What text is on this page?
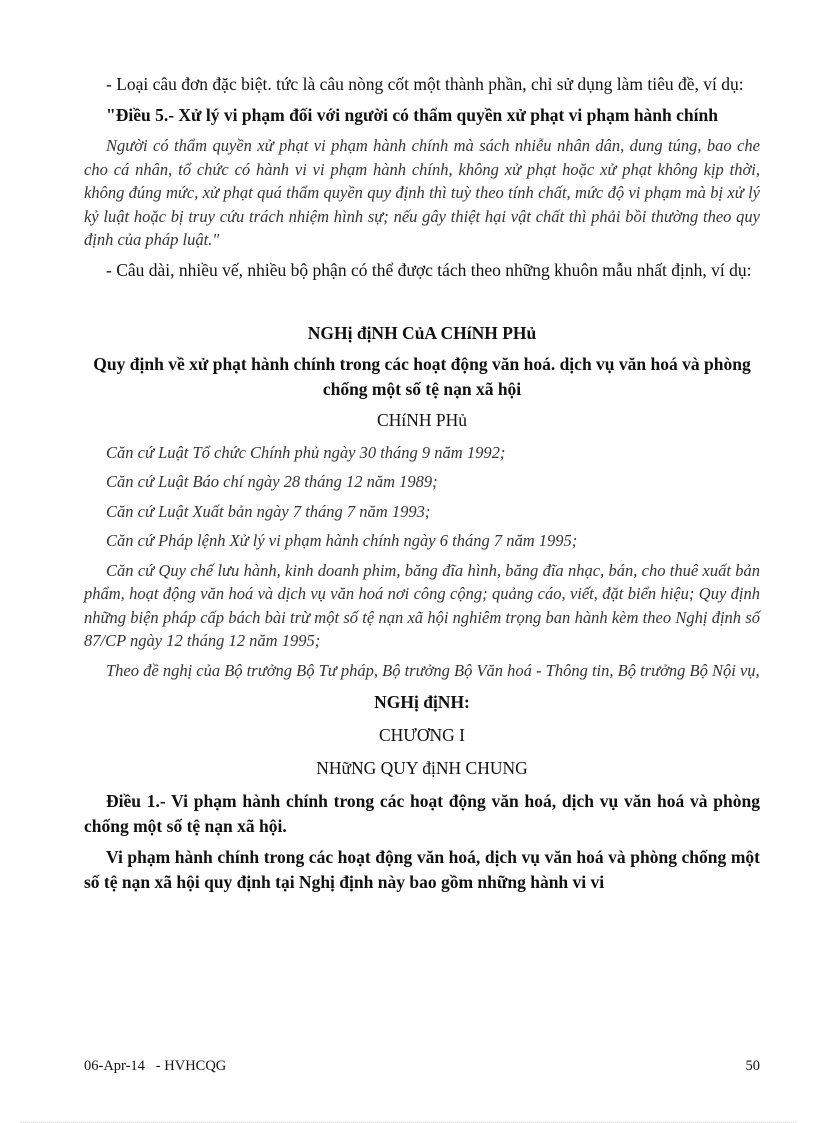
- Loại câu đơn đặc biệt. tức là câu nòng cốt một thành phần, chỉ sử dụng làm tiêu đề, ví dụ:

"Điều 5.- Xử lý vi phạm đối với người có thẩm quyền xử phạt vi phạm hành chính

Người có thẩm quyền xử phạt vi phạm hành chính mà sách nhiễu nhân dân, dung túng, bao che cho cá nhân, tổ chức có hành vi vi phạm hành chính, không xử phạt hoặc xử phạt không kịp thời, không đúng mức, xử phạt quá thẩm quyền quy định thì tuỳ theo tính chất, mức độ vi phạm mà bị xử lý kỷ luật hoặc bị truy cứu trách nhiệm hình sự; nếu gây thiệt hại vật chất thì phải bồi thường theo quy định của pháp luật."

- Câu dài, nhiều vế, nhiều bộ phận có thể được tách theo những khuôn mẫu nhất định, ví dụ:

NGHị địNH CủA CHíNH PHủ

Quy định về xử phạt hành chính trong các hoạt động văn hoá. dịch vụ văn hoá và phòng chống một số tệ nạn xã hội

CHíNH PHủ

Căn cứ Luật Tổ chức Chính phủ ngày 30 tháng 9 năm 1992;

Căn cứ Luật Báo chí ngày 28 tháng 12 năm 1989;

Căn cứ Luật Xuất bản ngày 7 tháng 7 năm 1993;

Căn cứ Pháp lệnh Xử lý vi phạm hành chính ngày 6 tháng 7 năm 1995;

Căn cứ Quy chế lưu hành, kinh doanh phim, băng đĩa hình, băng đĩa nhạc, bán, cho thuê xuất bản phẩm, hoạt động văn hoá và dịch vụ văn hoá nơi công cộng; quảng cáo, viết, đặt biển hiệu; Quy định những biện pháp cấp bách bài trừ một số tệ nạn xã hội nghiêm trọng ban hành kèm theo Nghị định số 87/CP ngày 12 tháng 12 năm 1995;

Theo đề nghị của Bộ trưởng Bộ Tư pháp, Bộ trưởng Bộ Văn hoá - Thông tin, Bộ trưởng Bộ Nội vụ,

NGHị địNH:

CHƯƠNG I

NHữNG QUY địNH CHUNG

Điều 1.- Vi phạm hành chính trong các hoạt động văn hoá, dịch vụ văn hoá và phòng chống một số tệ nạn xã hội.

Vi phạm hành chính trong các hoạt động văn hoá, dịch vụ văn hoá và phòng chống một số tệ nạn xã hội quy định tại Nghị định này bao gồm những hành vi vi

06-Apr-14   - HVHCQG	50
